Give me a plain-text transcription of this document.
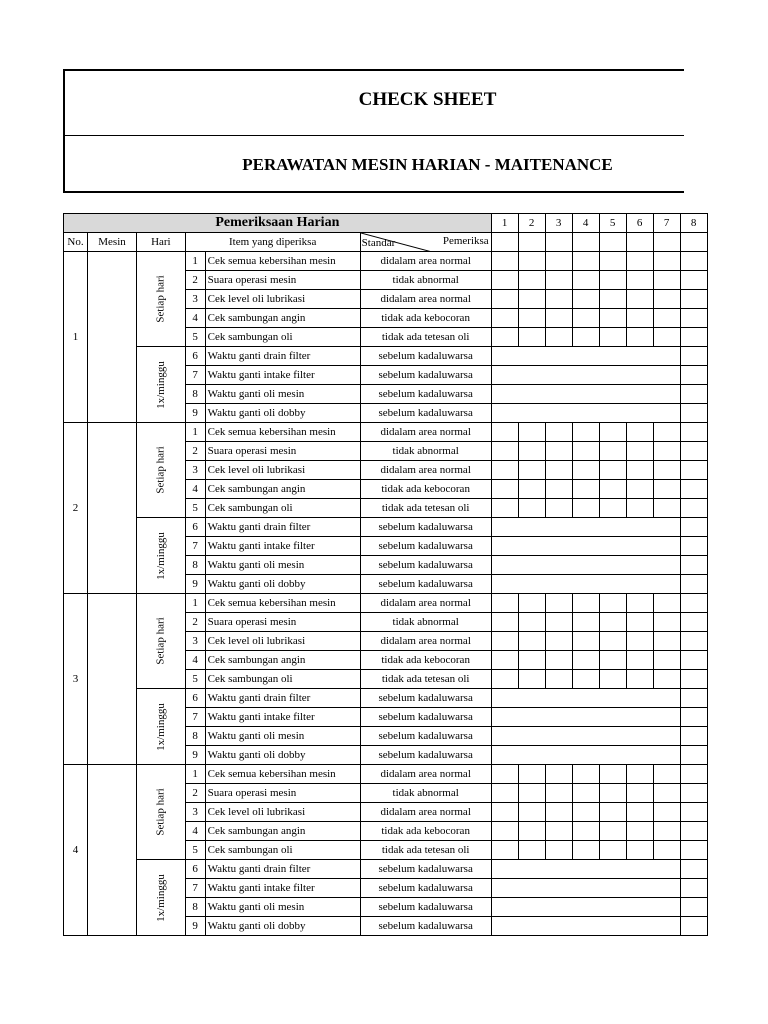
CHECK SHEET
PERAWATAN MESIN HARIAN - MAITENANCE
Pemeriksaan Harian						1	2	3	4	5	6	7	8
No.	Mesin	Hari	Item yang diperiksa		Pemeriksa
Standar								

1		Setiap hari	1	Cek semua kebersihan mesin	didalam area normal								
			2	Suara operasi mesin	tidak abnormal								
			3	Cek level oli lubrikasi	didalam area normal								
			4	Cek sambungan angin	tidak ada kebocoran								
			5	Cek sambungan oli	tidak ada tetesan oli								
		1x/minggu	6	Waktu ganti drain filter	sebelum kadaluwarsa								
			7	Waktu ganti intake filter	sebelum kadaluwarsa								
			8	Waktu ganti oli mesin	sebelum kadaluwarsa								
			9	Waktu ganti oli dobby	sebelum kadaluwarsa								
2		Setiap hari	1	Cek semua kebersihan mesin	didalam area normal								
			2	Suara operasi mesin	tidak abnormal								
			3	Cek level oli lubrikasi	didalam area normal								
			4	Cek sambungan angin	tidak ada kebocoran								
			5	Cek sambungan oli	tidak ada tetesan oli								
		1x/minggu	6	Waktu ganti drain filter	sebelum kadaluwarsa								
			7	Waktu ganti intake filter	sebelum kadaluwarsa								
			8	Waktu ganti oli mesin	sebelum kadaluwarsa								
			9	Waktu ganti oli dobby	sebelum kadaluwarsa								
3		Setiap hari	1	Cek semua kebersihan mesin	didalam area normal								
			2	Suara operasi mesin	tidak abnormal								
			3	Cek level oli lubrikasi	didalam area normal								
			4	Cek sambungan angin	tidak ada kebocoran								
			5	Cek sambungan oli	tidak ada tetesan oli								
		1x/minggu	6	Waktu ganti drain filter	sebelum kadaluwarsa								
			7	Waktu ganti intake filter	sebelum kadaluwarsa								
			8	Waktu ganti oli mesin	sebelum kadaluwarsa								
			9	Waktu ganti oli dobby	sebelum kadaluwarsa								
4		Setiap hari	1	Cek semua kebersihan mesin	didalam area normal								
			2	Suara operasi mesin	tidak abnormal								
			3	Cek level oli lubrikasi	didalam area normal								
			4	Cek sambungan angin	tidak ada kebocoran								
			5	Cek sambungan oli	tidak ada tetesan oli								
		1x/minggu	6	Waktu ganti drain filter	sebelum kadaluwarsa								
			7	Waktu ganti intake filter	sebelum kadaluwarsa								
			8	Waktu ganti oli mesin	sebelum kadaluwarsa								
			9	Waktu ganti oli dobby	sebelum kadaluwarsa								
